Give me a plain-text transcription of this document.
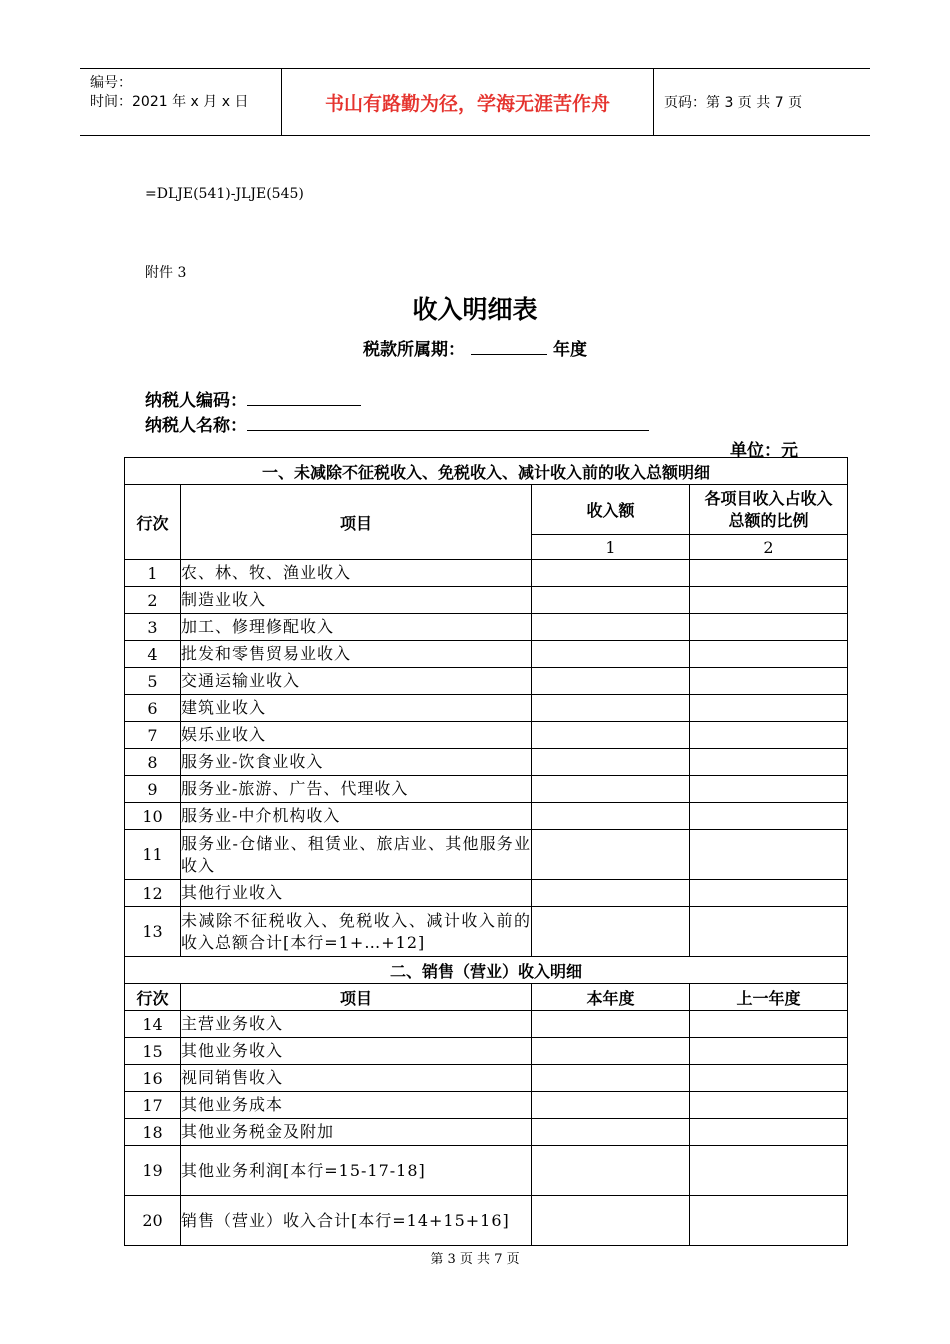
编号：
时间：2021 年 x 月 x 日	书山有路勤为径，学海无涯苦作舟	页码：第 3 页 共 7 页
=DLJE(541)-JLJE(545)
附件 3
收入明细表
税款所属期：	年度
纳税人编码：
纳税人名称：
单位：元
一、未减除不征税收入、免税收入、减计收入前的收入总额明细			
行次	项目	收入额	各项目收入占收入总额的比例
		1	2
1	农、林、牧、渔业收入		
2	制造业收入		
3	加工、修理修配收入		
4	批发和零售贸易业收入		
5	交通运输业收入		
6	建筑业收入		
7	娱乐业收入		
8	服务业-饮食业收入		
9	服务业-旅游、广告、代理收入		
10	服务业-中介机构收入		
11	服务业-仓储业、租赁业、旅店业、其他服务业收入		
12	其他行业收入		
13	未减除不征税收入、免税收入、减计收入前的收入总额合计[本行=1+…+12]		
二、销售（营业）收入明细			
行次	项目	本年度	上一年度
14	主营业务收入		
15	其他业务收入		
16	视同销售收入		
17	其他业务成本		
18	其他业务税金及附加		
19	其他业务利润[本行=15-17-18]		
20	销售（营业）收入合计[本行=14+15+16]		
第 3 页 共 7 页
